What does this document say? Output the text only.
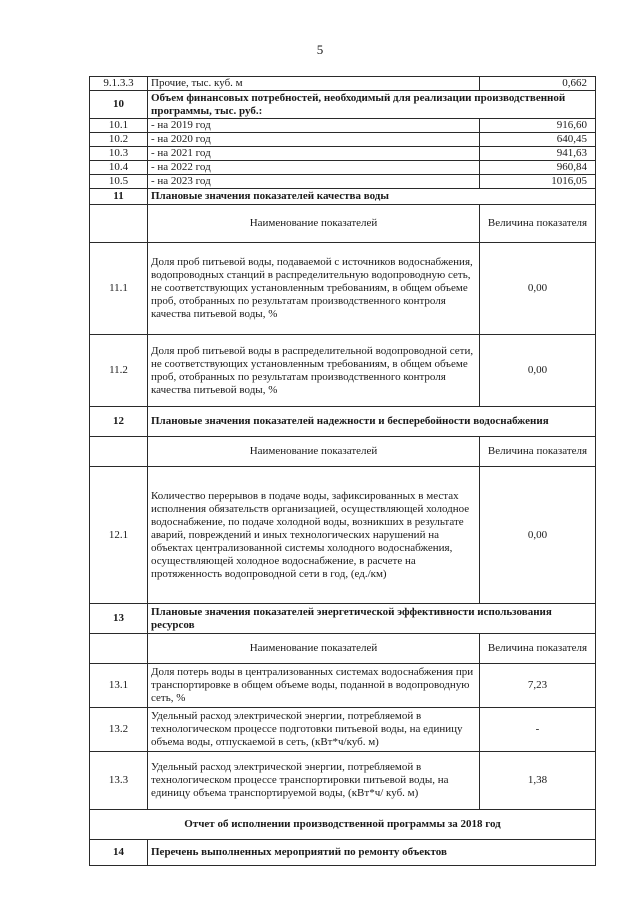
5
9.1.3.3	Прочие, тыс. куб. м	0,662
10	Объем финансовых потребностей, необходимый для реализации производственной программы, тыс. руб.:	
10.1	- на 2019 год	916,60
10.2	- на 2020 год	640,45
10.3	- на 2021 год	941,63
10.4	- на 2022 год	960,84
10.5	- на 2023 год	1016,05
11	Плановые значения показателей качества воды	
	Наименование показателей	Величина показателя
11.1	Доля проб питьевой воды, подаваемой с источников водоснабжения, водопроводных станций в распределительную водопроводную сеть, не соответствующих установленным требованиям, в общем объеме проб, отобранных по результатам производственного контроля качества питьевой воды, %	0,00
11.2	Доля проб питьевой воды в распределительной водопроводной сети, не соответствующих установленным требованиям, в общем объеме проб, отобранных по результатам производственного контроля качества питьевой воды, %	0,00
12	Плановые значения показателей надежности и бесперебойности водоснабжения	
	Наименование показателей	Величина показателя
12.1	Количество перерывов в подаче воды, зафиксированных в местах исполнения обязательств организацией, осуществляющей холодное водоснабжение, по подаче холодной воды, возникших в результате аварий, повреждений и иных технологических нарушений на объектах централизованной системы холодного водоснабжения, осуществляющей холодное водоснабжение, в расчете на протяженность водопроводной сети в год, (ед./км)	0,00
13	Плановые значения показателей энергетической эффективности использования ресурсов	
	Наименование показателей	Величина показателя
13.1	Доля потерь воды в централизованных системах водоснабжения при транспортировке в общем объеме воды, поданной в водопроводную сеть, %	7,23
13.2	Удельный расход электрической энергии, потребляемой в технологическом процессе подготовки питьевой воды, на единицу объема воды, отпускаемой в сеть, (кВт*ч/куб. м)	-
13.3	Удельный расход электрической энергии, потребляемой в технологическом процессе транспортировки питьевой воды, на единицу объема транспортируемой воды, (кВт*ч/ куб. м)	1,38
Отчет об исполнении производственной программы за 2018 год		
14	Перечень выполненных мероприятий по ремонту объектов	
